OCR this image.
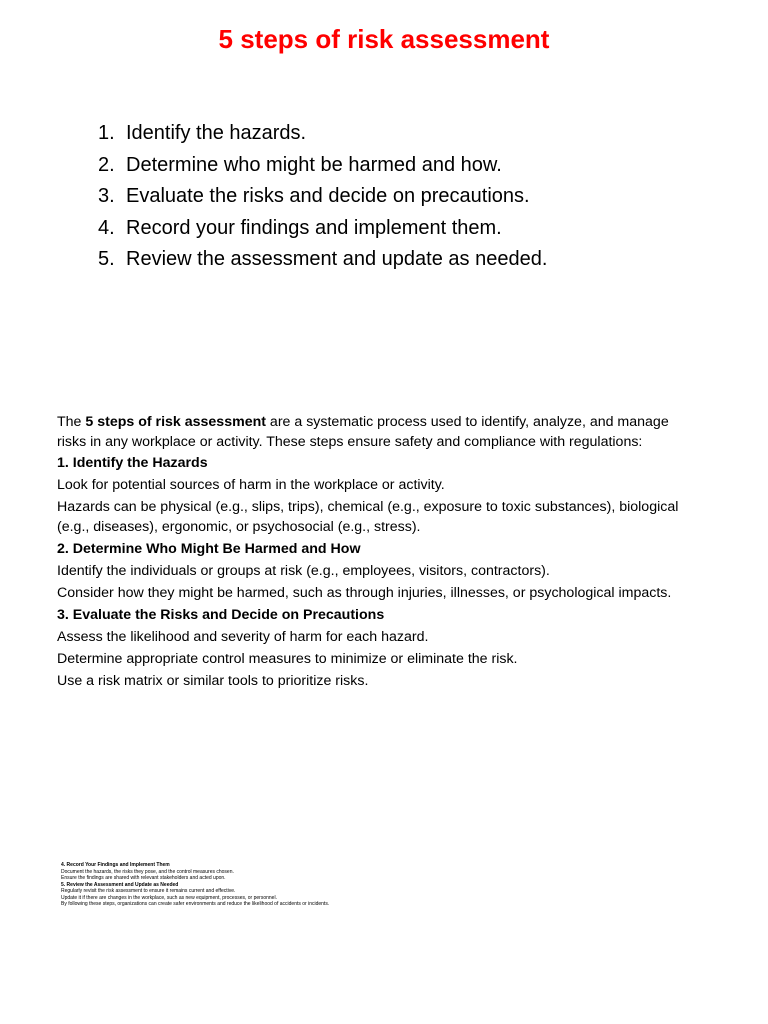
5 steps of risk assessment
1. Identify the hazards.
2. Determine who might be harmed and how.
3. Evaluate the risks and decide on precautions.
4. Record your findings and implement them.
5. Review the assessment and update as needed.

The 5 steps of risk assessment are a systematic process used to identify, analyze, and manage risks in any workplace or activity. These steps ensure safety and compliance with regulations:

1. Identify the Hazards

Look for potential sources of harm in the workplace or activity.

Hazards can be physical (e.g., slips, trips), chemical (e.g., exposure to toxic substances), biological (e.g., diseases), ergonomic, or psychosocial (e.g., stress).

2. Determine Who Might Be Harmed and How

Identify the individuals or groups at risk (e.g., employees, visitors, contractors).

Consider how they might be harmed, such as through injuries, illnesses, or psychological impacts.

3. Evaluate the Risks and Decide on Precautions

Assess the likelihood and severity of harm for each hazard.

Determine appropriate control measures to minimize or eliminate the risk.

Use a risk matrix or similar tools to prioritize risks.

4. Record Your Findings and Implement Them

Document the hazards, the risks they pose, and the control measures chosen.

Ensure the findings are shared with relevant stakeholders and acted upon.

5. Review the Assessment and Update as Needed

Regularly revisit the risk assessment to ensure it remains current and effective.

Update it if there are changes in the workplace, such as new equipment, processes, or personnel.

By following these steps, organizations can create safer environments and reduce the likelihood of accidents or incidents.
